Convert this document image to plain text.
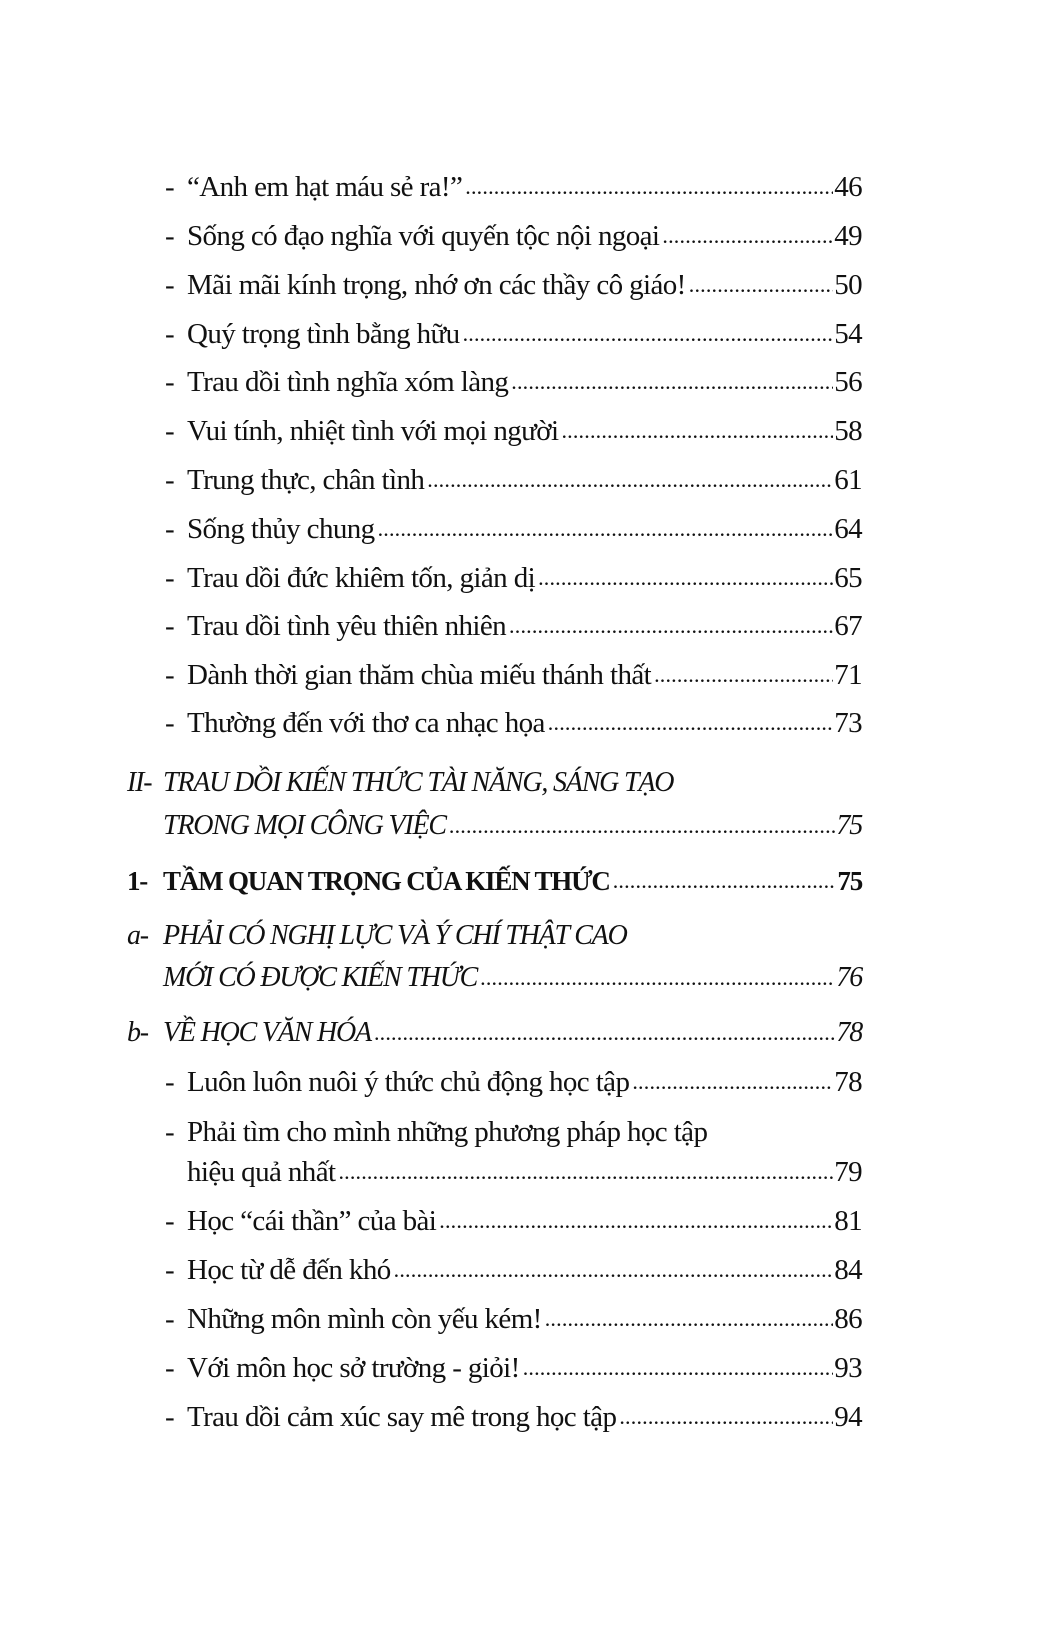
- “Anh em hạt máu sẻ ra!” .....	46
- Sống có đạo nghĩa với quyến tộc nội ngoại .....	49
- Mãi mãi kính trọng, nhớ ơn các thầy cô giáo! .....	50
- Quý trọng tình bằng hữu .....	54
- Trau dồi tình nghĩa xóm làng .....	56
- Vui tính, nhiệt tình với mọi người .....	58
- Trung thực, chân tình .....	61
- Sống thủy chung .....	64
- Trau dồi đức khiêm tốn, giản dị .....	65
- Trau dồi tình yêu thiên nhiên .....	67
- Dành thời gian thăm chùa miếu thánh thất .....	71
- Thường đến với thơ ca nhạc họa .....	73
II- TRAU DỒI KIẾN THỨC TÀI NĂNG, SÁNG TẠO
TRONG MỌI CÔNG VIỆC .....	75
1- TẦM QUAN TRỌNG CỦA KIẾN THỨC .....	75
a- PHẢI CÓ NGHỊ LỰC VÀ Ý CHÍ THẬT CAO
MỚI CÓ ĐƯỢC KIẾN THỨC .....	76
b- VỀ HỌC VĂN HÓA .....	78
- Luôn luôn nuôi ý thức chủ động học tập .....	78
- Phải tìm cho mình những phương pháp học tập
hiệu quả nhất .....	79
- Học “cái thần” của bài .....	81
- Học từ dễ đến khó .....	84
- Những môn mình còn yếu kém! .....	86
- Với môn học sở trường - giỏi! .....	93
- Trau dồi cảm xúc say mê trong học tập .....	94
